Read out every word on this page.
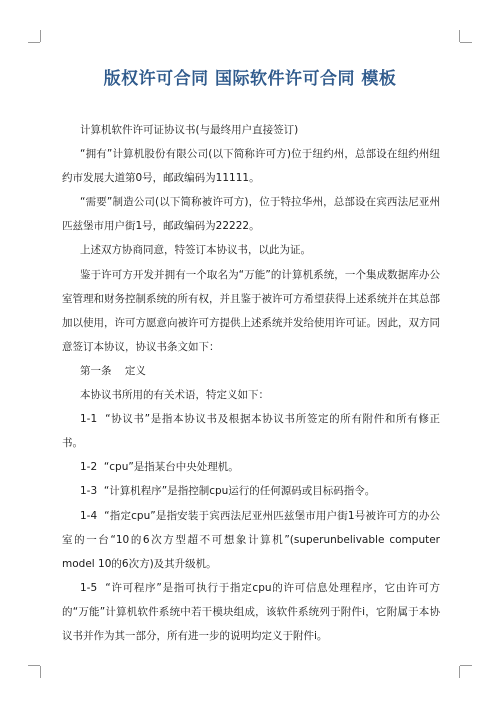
版权许可合同 国际软件许可合同 模板

计算机软件许可证协议书(与最终用户直接签订)

“拥有”计算机股份有限公司(以下简称许可方)位于纽约州，总部设在纽约州纽约市发展大道第0号，邮政编码为11111。

“需要”制造公司(以下简称被许可方)，位于特拉华州，总部设在宾西法尼亚州匹兹堡市用户街1号，邮政编码为22222。

上述双方协商同意，特签订本协议书，以此为证。

鉴于许可方开发并拥有一个取名为“万能”的计算机系统，一个集成数据库办公室管理和财务控制系统的所有权，并且鉴于被许可方希望获得上述系统并在其总部加以使用，许可方愿意向被许可方提供上述系统并发给使用许可证。因此，双方同意签订本协议，协议书条文如下：

第一条    定义

本协议书所用的有关术语，特定义如下：

1-1  “协议书”是指本协议书及根据本协议书所签定的所有附件和所有修正书。

1-2  “cpu”是指某台中央处理机。

1-3  “计算机程序”是指控制cpu运行的任何源码或目标码指令。

1-4  “指定cpu”是指安装于宾西法尼亚州匹兹堡市用户街1号被许可方的办公室的一台“10的6次方型超不可想象计算机”(superunbelivable computer model 10的6次方)及其升级机。

1-5  “许可程序”是指可执行于指定cpu的许可信息处理程序，它由许可方的“万能”计算机软件系统中若干模块组成，该软件系统列于附件i，它附属于本协议书并作为其一部分，所有进一步的说明均定义于附件i。
